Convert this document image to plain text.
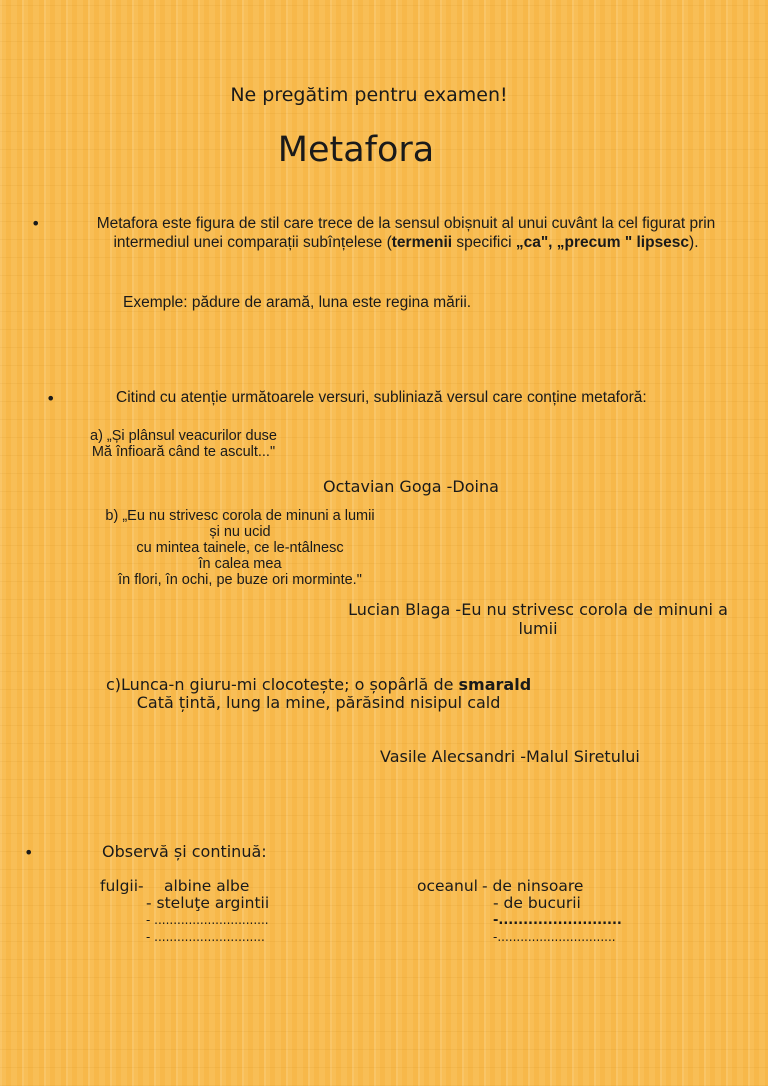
Ne pregătim pentru examen!
Metafora
•	Metafora este figura de stil care trece de la sensul obișnuit al unui cuvânt la cel figurat prin
intermediul unei comparații subînțelese (termenii specifici „ca", „precum " lipsesc).
Exemple: pădure de aramă, luna este regina mării.
•	Citind cu atenție următoarele versuri, subliniază versul care conține metaforă:
a) „Și plânsul veacurilor duse
Mă înfioară când te ascult..."
Octavian Goga -Doina
b) „Eu nu strivesc corola de minuni a lumii
și nu ucid
cu mintea tainele, ce le-ntâlnesc
în calea mea
în flori, în ochi, pe buze ori morminte."
Lucian Blaga -Eu nu strivesc corola de minuni a lumii
c)Lunca-n giuru-mi clocotește; o șopârlă de smarald
Cată țintă, lung la mine, părăsind nisipul cald
Vasile Alecsandri -Malul Siretului
•	Observă și continuă:
fulgii-	albine albe
- steluţe argintii
- ..............................
- .............................
oceanul - de ninsoare
- de bucurii
-.........................
-...............................
